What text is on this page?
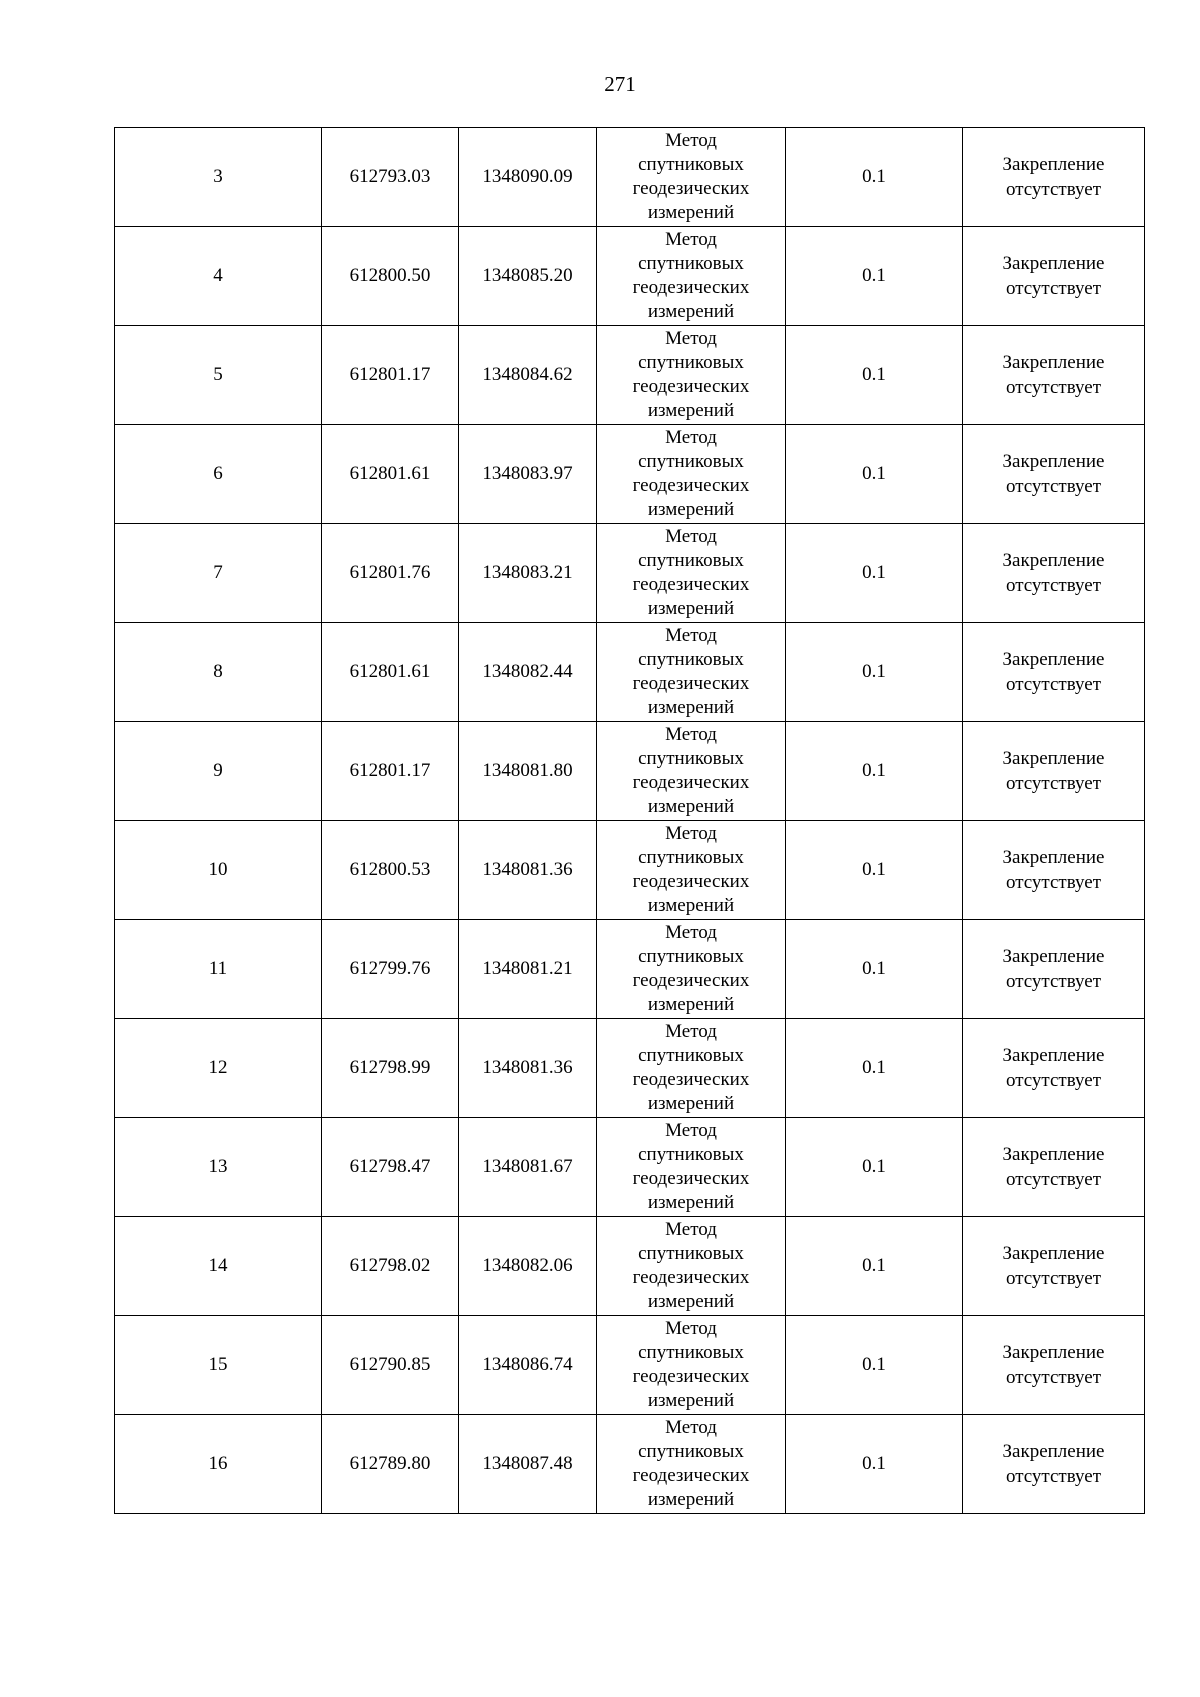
271
3	612793.03	1348090.09	Метод
спутниковых
геодезических
измерений	0.1	Закрепление
отсутствует

4	612800.50	1348085.20	Метод
спутниковых
геодезических
измерений	0.1	Закрепление
отсутствует

5	612801.17	1348084.62	Метод
спутниковых
геодезических
измерений	0.1	Закрепление
отсутствует

6	612801.61	1348083.97	Метод
спутниковых
геодезических
измерений	0.1	Закрепление
отсутствует

7	612801.76	1348083.21	Метод
спутниковых
геодезических
измерений	0.1	Закрепление
отсутствует

8	612801.61	1348082.44	Метод
спутниковых
геодезических
измерений	0.1	Закрепление
отсутствует

9	612801.17	1348081.80	Метод
спутниковых
геодезических
измерений	0.1	Закрепление
отсутствует

10	612800.53	1348081.36	Метод
спутниковых
геодезических
измерений	0.1	Закрепление
отсутствует

11	612799.76	1348081.21	Метод
спутниковых
геодезических
измерений	0.1	Закрепление
отсутствует

12	612798.99	1348081.36	Метод
спутниковых
геодезических
измерений	0.1	Закрепление
отсутствует

13	612798.47	1348081.67	Метод
спутниковых
геодезических
измерений	0.1	Закрепление
отсутствует

14	612798.02	1348082.06	Метод
спутниковых
геодезических
измерений	0.1	Закрепление
отсутствует

15	612790.85	1348086.74	Метод
спутниковых
геодезических
измерений	0.1	Закрепление
отсутствует

16	612789.80	1348087.48	Метод
спутниковых
геодезических
измерений	0.1	Закрепление
отсутствует
